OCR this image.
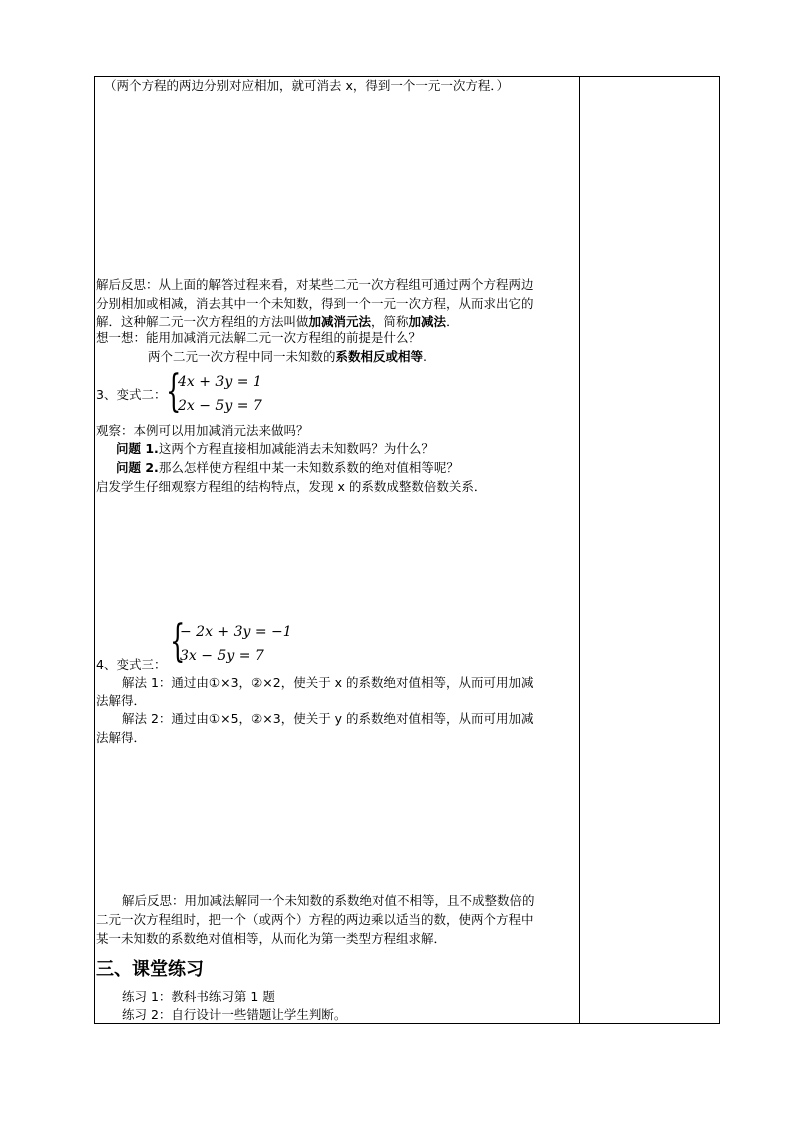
（两个方程的两边分别对应相加，就可消去 x，得到一个一元一次方程．）
解后反思：从上面的解答过程来看，对某些二元一次方程组可通过两个方程两边
分别相加或相减，消去其中一个未知数，得到一个一元一次方程，从而求出它的
解．这种解二元一次方程组的方法叫做加减消元法，简称加减法．
想一想：能用加减消元法解二元一次方程组的前提是什么？
两个二元一次方程中同一未知数的系数相反或相等.
3、变式二： {
4x + 3y = 1
2x − 5y = 7
观察：本例可以用加减消元法来做吗？
问题 1.这两个方程直接相加减能消去未知数吗？为什么？
问题 2.那么怎样使方程组中某一未知数系数的绝对值相等呢？
启发学生仔细观察方程组的结构特点，发现 x 的系数成整数倍数关系．
4、变式三： {
− 2x + 3y = −1
3x − 5y = 7
解法 1：通过由①×3，②×2，使关于 x 的系数绝对值相等，从而可用加减
法解得．
解法 2：通过由①×5，②×3，使关于 y 的系数绝对值相等，从而可用加减
法解得．
解后反思：用加减法解同一个未知数的系数绝对值不相等，且不成整数倍的
二元一次方程组时，把一个（或两个）方程的两边乘以适当的数，使两个方程中
某一未知数的系数绝对值相等，从而化为第一类型方程组求解．
三、课堂练习
练习 1：教科书练习第 1 题
练习 2：自行设计一些错题让学生判断。
